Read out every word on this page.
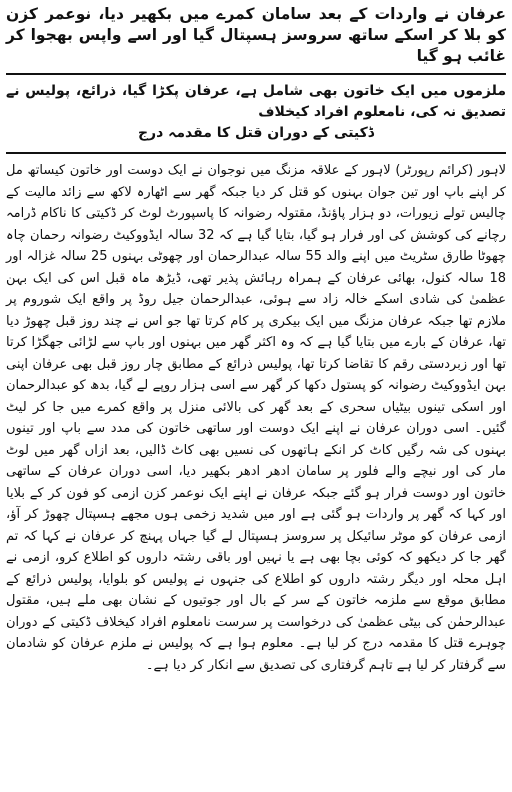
عرفان نے واردات کے بعد سامان کمرے میں بکھیر دیا، نوعمر کزن کو بلا کر اسکے ساتھ سروسز ہسپتال گیا اور اسے واپس بھجوا کر غائب ہو گیا
ملزموں میں ایک خاتون بھی شامل ہے، عرفان پکڑا گیا، ذرائع، پولیس نے تصدیق نہ کی، نامعلوم افراد کیخلاف
ڈکیتی کے دوران قتل کا مقدمہ درج

لاہور (کرائم رپورٹر) لاہور کے علاقہ مزنگ میں نوجوان نے ایک دوست اور خاتون کیساتھ مل کر اپنے باپ اور تین جوان بہنوں کو قتل کر دیا جبکہ گھر سے اٹھارہ لاکھ سے زائد مالیت کے چالیس تولے زیورات، دو ہزار پاؤنڈ، مقتولہ رضوانہ کا پاسپورٹ لوٹ کر ڈکیتی کا ناکام ڈرامہ رچانے کی کوشش کی اور فرار ہو گیا، بتایا گیا ہے کہ 32 سالہ ایڈووکیٹ رضوانہ رحمان چاہ چھوٹا طارق سٹریٹ میں اپنے والد 55 سالہ عبدالرحمان اور چھوٹی بہنوں 25 سالہ غزالہ اور 18 سالہ کنول، بھائی عرفان کے ہمراہ رہائش پذیر تھی، ڈیڑھ ماہ قبل اس کی ایک بہن عظمیٰ کی شادی اسکے خالہ زاد سے ہوئی، عبدالرحمان جیل روڈ پر واقع ایک شوروم پر ملازم تھا جبکہ عرفان مزنگ میں ایک بیکری پر کام کرتا تھا جو اس نے چند روز قبل چھوڑ دیا تھا، عرفان کے بارے میں بتایا گیا ہے کہ وہ اکثر گھر میں بہنوں اور باپ سے لڑائی جھگڑا کرتا تھا اور زبردستی رقم کا تقاضا کرتا تھا، پولیس ذرائع کے مطابق چار روز قبل بھی عرفان اپنی بہن ایڈووکیٹ رضوانہ کو پستول دکھا کر گھر سے اسی ہزار روپے لے گیا، بدھ کو عبدالرحمان اور اسکی تینوں بیٹیاں سحری کے بعد گھر کی بالائی منزل پر واقع کمرے میں جا کر لیٹ گئیں۔ اسی دوران عرفان نے اپنے ایک دوست اور ساتھی خاتون کی مدد سے باپ اور تینوں بہنوں کی شہ رگیں کاٹ کر انکے ہاتھوں کی نسیں بھی کاٹ ڈالیں، بعد ازاں گھر میں لوٹ مار کی اور نیچے والے فلور پر سامان ادھر ادھر بکھیر دیا، اسی دوران عرفان کے ساتھی خاتون اور دوست فرار ہو گئے جبکہ عرفان نے اپنے ایک نوعمر کزن ازمی کو فون کر کے بلایا اور کہا کہ گھر پر واردات ہو گئی ہے اور میں شدید زخمی ہوں مجھے ہسپتال چھوڑ کر آؤ، ازمی عرفان کو موٹر سائیکل پر سروسز ہسپتال لے گیا جہاں پہنچ کر عرفان نے کہا کہ تم گھر جا کر دیکھو کہ کوئی بچا بھی ہے یا نہیں اور باقی رشتہ داروں کو اطلاع کرو، ازمی نے اہل محلہ اور دیگر رشتہ داروں کو اطلاع کی جنہوں نے پولیس کو بلوایا، پولیس ذرائع کے مطابق موقع سے ملزمہ خاتون کے سر کے بال اور جوتیوں کے نشان بھی ملے ہیں، مقتول عبدالرحمٰن کی بیٹی عظمیٰ کی درخواست پر سرست نامعلوم افراد کیخلاف ڈکیتی کے دوران چوہرے قتل کا مقدمہ درج کر لیا ہے۔ معلوم ہوا ہے کہ پولیس نے ملزم عرفان کو شادمان سے گرفتار کر لیا ہے تاہم گرفتاری کی تصدیق سے انکار کر دیا ہے۔
